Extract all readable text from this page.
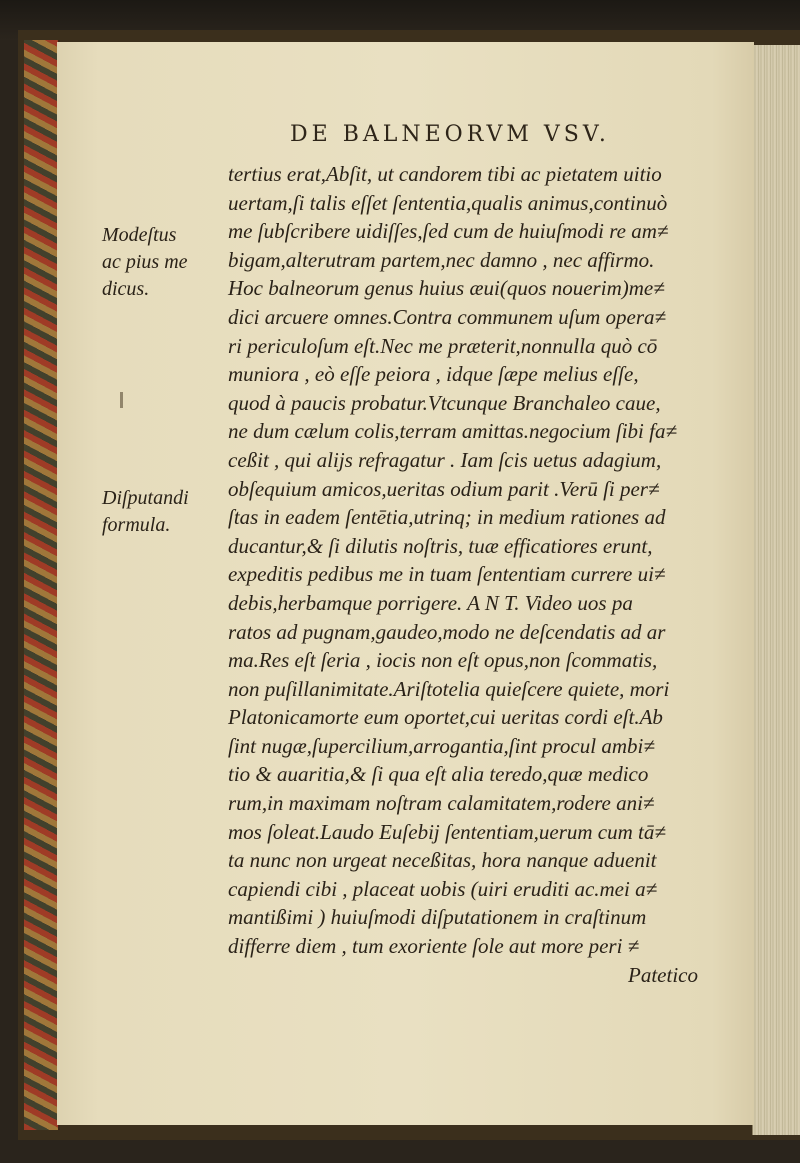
DE BALNEORVM VSV.
Modeſtus
ac pius me
dicus.
Diſputandi
formula.
tertius erat,Abſit, ut candorem tibi ac pietatem uitio
uertam,ſi talis eſſet ſententia,qualis animus,continuò
me ſubſcribere uidiſſes,ſed cum de huiuſmodi re am≠
bigam,alterutram partem,nec damno , nec affirmo.
Hoc balneorum genus huius æui(quos nouerim)me≠
dici arcuere omnes.Contra communem uſum opera≠
ri periculoſum eſt.Nec me præterit,nonnulla quò cō
muniora , eò eſſe peiora , idque ſæpe melius eſſe,
quod à paucis probatur.Vtcunque Branchaleo caue,
ne dum cælum colis,terram amittas.negocium ſibi fa≠
ceßit , qui alijs refragatur . Iam ſcis uetus adagium,
obſequium amicos,ueritas odium parit .Verū ſi per≠
ſtas in eadem ſentētia,utrinq; in medium rationes ad
ducantur,& ſi dilutis noſtris, tuæ efficatiores erunt,
expeditis pedibus me in tuam ſententiam currere ui≠
debis,herbamque porrigere. A N T. Video uos pa
ratos ad pugnam,gaudeo,modo ne deſcendatis ad ar
ma.Res eſt ſeria , iocis non eſt opus,non ſcommatis,
non puſillanimitate.Ariſtotelia quieſcere quiete, mori
Platonicamorte eum oportet,cui ueritas cordi eſt.Ab
ſint nugæ,ſupercilium,arrogantia,ſint procul ambi≠
tio & auaritia,& ſi qua eſt alia teredo,quæ medico
rum,in maximam noſtram calamitatem,rodere ani≠
mos ſoleat.Laudo Euſebij ſententiam,uerum cum tā≠
ta nunc non urgeat neceßitas, hora nanque aduenit
capiendi cibi , placeat uobis (uiri eruditi ac.mei a≠
mantißimi ) huiuſmodi diſputationem in craſtinum
differre diem , tum exoriente ſole aut more peri ≠
Patetico
